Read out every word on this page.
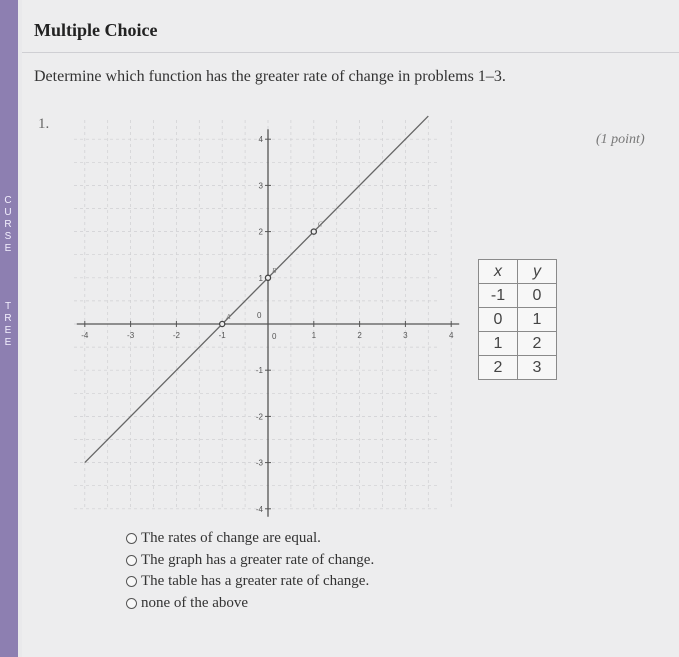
C
U
R
S
E
T
R
E
E
Multiple Choice
Determine which function has the greater rate of change in problems 1–3.
1.
(1 point)
-4	-3	-2	-1	1	2	3	4
-4
-3
-2
-1
1
2
3
4
0
0
A
B
C
x	y
-1	0
0	1
1	2
2	3
The rates of change are equal.
The graph has a greater rate of change.
The table has a greater rate of change.
none of the above
